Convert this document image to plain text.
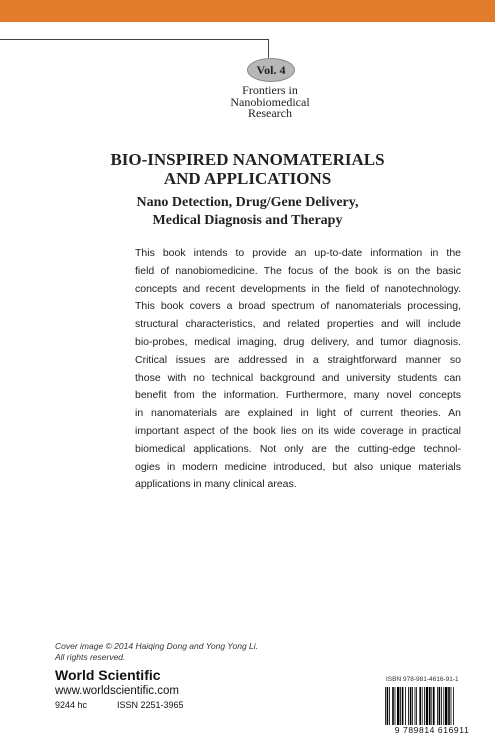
Vol. 4
Frontiers in
Nanobiomedical
Research
BIO-INSPIRED NANOMATERIALS
AND APPLICATIONS
Nano Detection, Drug/Gene Delivery,
Medical Diagnosis and Therapy
This book intends to provide an up-to-date information in the
field of nanobiomedicine. The focus of the book is on the basic
concepts and recent developments in the field of nanotechnology.
This book covers a broad spectrum of nanomaterials processing,
structural characteristics, and related properties and will include
bio-probes, medical imaging, drug delivery, and tumor diagnosis.
Critical issues are addressed in a straightforward manner so
those with no technical background and university students can
benefit from the information. Furthermore, many novel concepts
in nanomaterials are explained in light of current theories. An
important aspect of the book lies on its wide coverage in practical
biomedical applications. Not only are the cutting-edge technol-
ogies in modern medicine introduced, but also unique materials
applications in many clinical areas.
Cover image © 2014 Haiqing Dong and Yong Yong Li.
All rights reserved.
World Scientific
www.worldscientific.com
9244 hc	ISSN 2251-3965
ISBN 978-981-4616-91-1
9 789814 616911
